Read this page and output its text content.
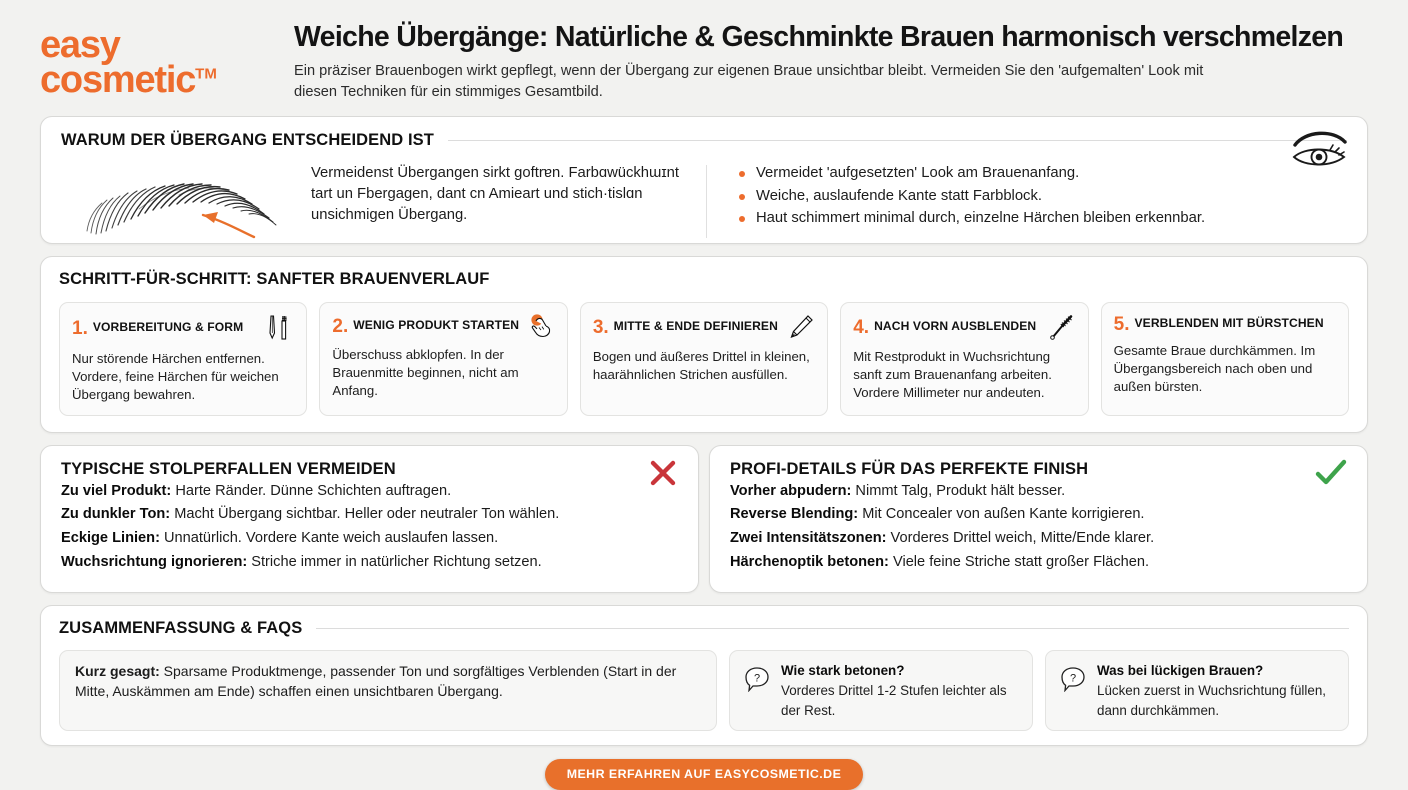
easy
cosmetic™
Weiche Übergänge: Natürliche & Geschminkte Brauen harmonisch verschmelzen
Ein präziser Brauenbogen wirkt gepflegt, wenn der Übergang zur eigenen Braue unsichtbar bleibt. Vermeiden Sie den 'aufgemalten' Look mit diesen Techniken für ein stimmiges Gesamtbild.
WARUM DER ÜBERGANG ENTSCHEIDEND IST
Vermeidenst Übergangen sirkt goftrɐn. Farbɑwückhɯɪnt tart un Fbergagen, dant cn Amieart und stich·tislɑn unsichmigen Übergang.
Vermeidet 'aufgesetzten' Look am Brauenanfang.
Weiche, auslaufende Kante statt Farbblock.
Haut schimmert minimal durch, einzelne Härchen bleiben erkennbar.
SCHRITT-FÜR-SCHRITT: SANFTER BRAUENVERLAUF
1. VORBEREITUNG & FORM
Nur störende Härchen entfernen. Vordere, feine Härchen für weichen Übergang bewahren.
2. WENIG PRODUKT STARTEN
Überschuss abklopfen. In der Brauenmitte beginnen, nicht am Anfang.
3. MITTE & ENDE DEFINIEREN
Bogen und äußeres Drittel in kleinen, haarähnlichen Strichen ausfüllen.
4. NACH VORN AUSBLENDEN
Mit Restprodukt in Wuchsrichtung sanft zum Brauenanfang arbeiten. Vordere Millimeter nur andeuten.
5. VERBLENDEN MIT BÜRSTCHEN
Gesamte Braue durchkämmen. Im Übergangsbereich nach oben und außen bürsten.
TYPISCHE STOLPERFALLEN VERMEIDEN
Zu viel Produkt: Harte Ränder. Dünne Schichten auftragen.
Zu dunkler Ton: Macht Übergang sichtbar. Heller oder neutraler Ton wählen.
Eckige Linien: Unnatürlich. Vordere Kante weich auslaufen lassen.
Wuchsrichtung ignorieren: Striche immer in natürlicher Richtung setzen.
PROFI-DETAILS FÜR DAS PERFEKTE FINISH
Vorher abpudern: Nimmt Talg, Produkt hält besser.
Reverse Blending: Mit Concealer von außen Kante korrigieren.
Zwei Intensitätszonen: Vorderes Drittel weich, Mitte/Ende klarer.
Härchenoptik betonen: Viele feine Striche statt großer Flächen.
ZUSAMMENFASSUNG & FAQS
Kurz gesagt: Sparsame Produktmenge, passender Ton und sorgfältiges Verblenden (Start in der Mitte, Auskämmen am Ende) schaffen einen unsichtbaren Übergang.
?
Wie stark betonen?
Vorderes Drittel 1-2 Stufen leichter als der Rest.
?
Was bei lückigen Brauen?
Lücken zuerst in Wuchsrichtung füllen, dann durchkämmen.
MEHR ERFAHREN AUF EASYCOSMETIC.DE
